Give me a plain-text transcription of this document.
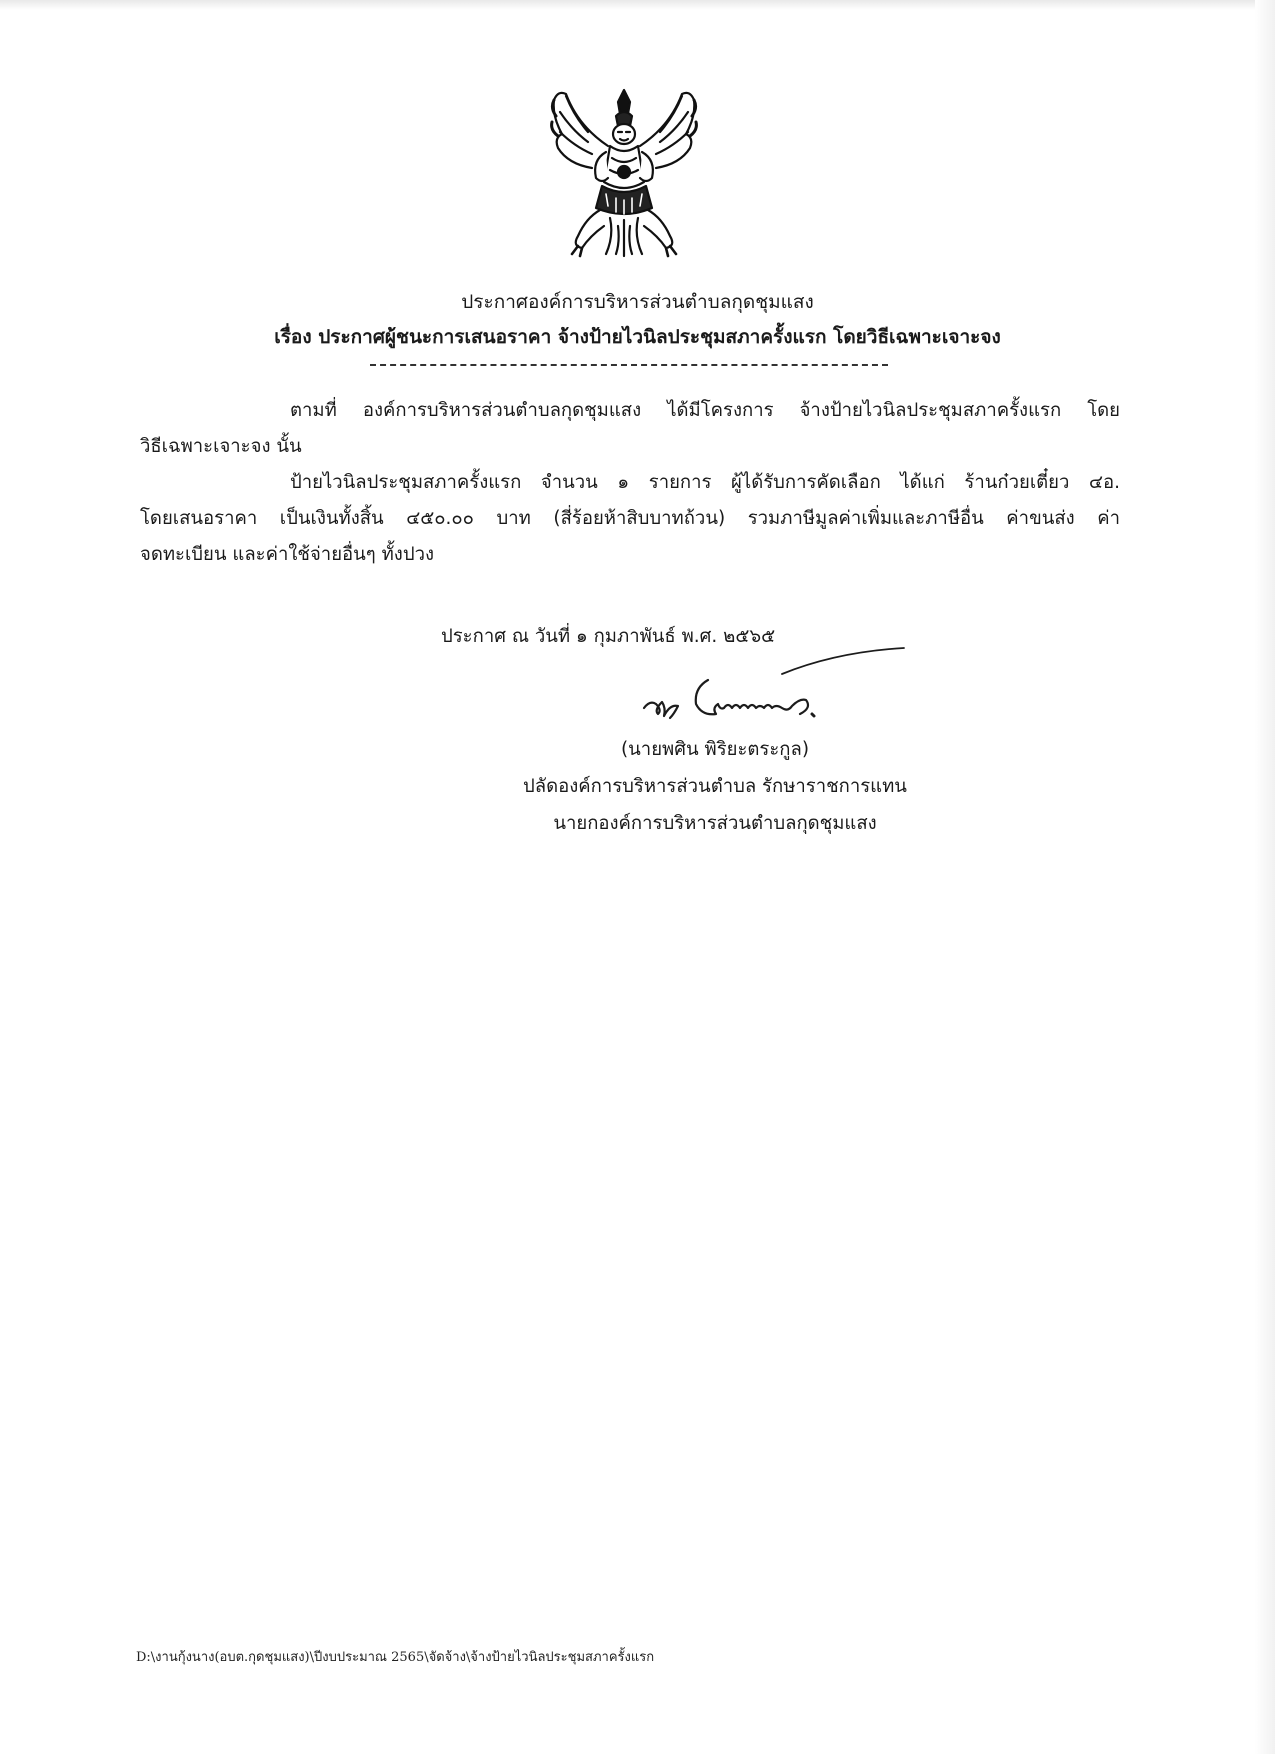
ประกาศองค์การบริหารส่วนตำบลกุดชุมแสง
เรื่อง ประกาศผู้ชนะการเสนอราคา จ้างป้ายไวนิลประชุมสภาครั้งแรก โดยวิธีเฉพาะเจาะจง
ตามที่ องค์การบริหารส่วนตำบลกุดชุมแสง ได้มีโครงการ จ้างป้ายไวนิลประชุมสภาครั้งแรก โดย
วิธีเฉพาะเจาะจง นั้น
ป้ายไวนิลประชุมสภาครั้งแรก จำนวน ๑ รายการ ผู้ได้รับการคัดเลือก ได้แก่ ร้านก๋วยเตี๋ยว ๔อ.
โดยเสนอราคา เป็นเงินทั้งสิ้น ๔๕๐.๐๐ บาท (สี่ร้อยห้าสิบบาทถ้วน) รวมภาษีมูลค่าเพิ่มและภาษีอื่น ค่าขนส่ง ค่า
จดทะเบียน และค่าใช้จ่ายอื่นๆ ทั้งปวง
ประกาศ ณ วันที่ ๑ กุมภาพันธ์ พ.ศ. ๒๕๖๕
(นายพศิน พิริยะตระกูล)
ปลัดองค์การบริหารส่วนตำบล รักษาราชการแทน
นายกองค์การบริหารส่วนตำบลกุดชุมแสง
D:\งานกุ้งนาง(อบต.กุดชุมแสง)\ปีงบประมาณ 2565\จัดจ้าง\จ้างป้ายไวนิลประชุมสภาครั้งแรก
